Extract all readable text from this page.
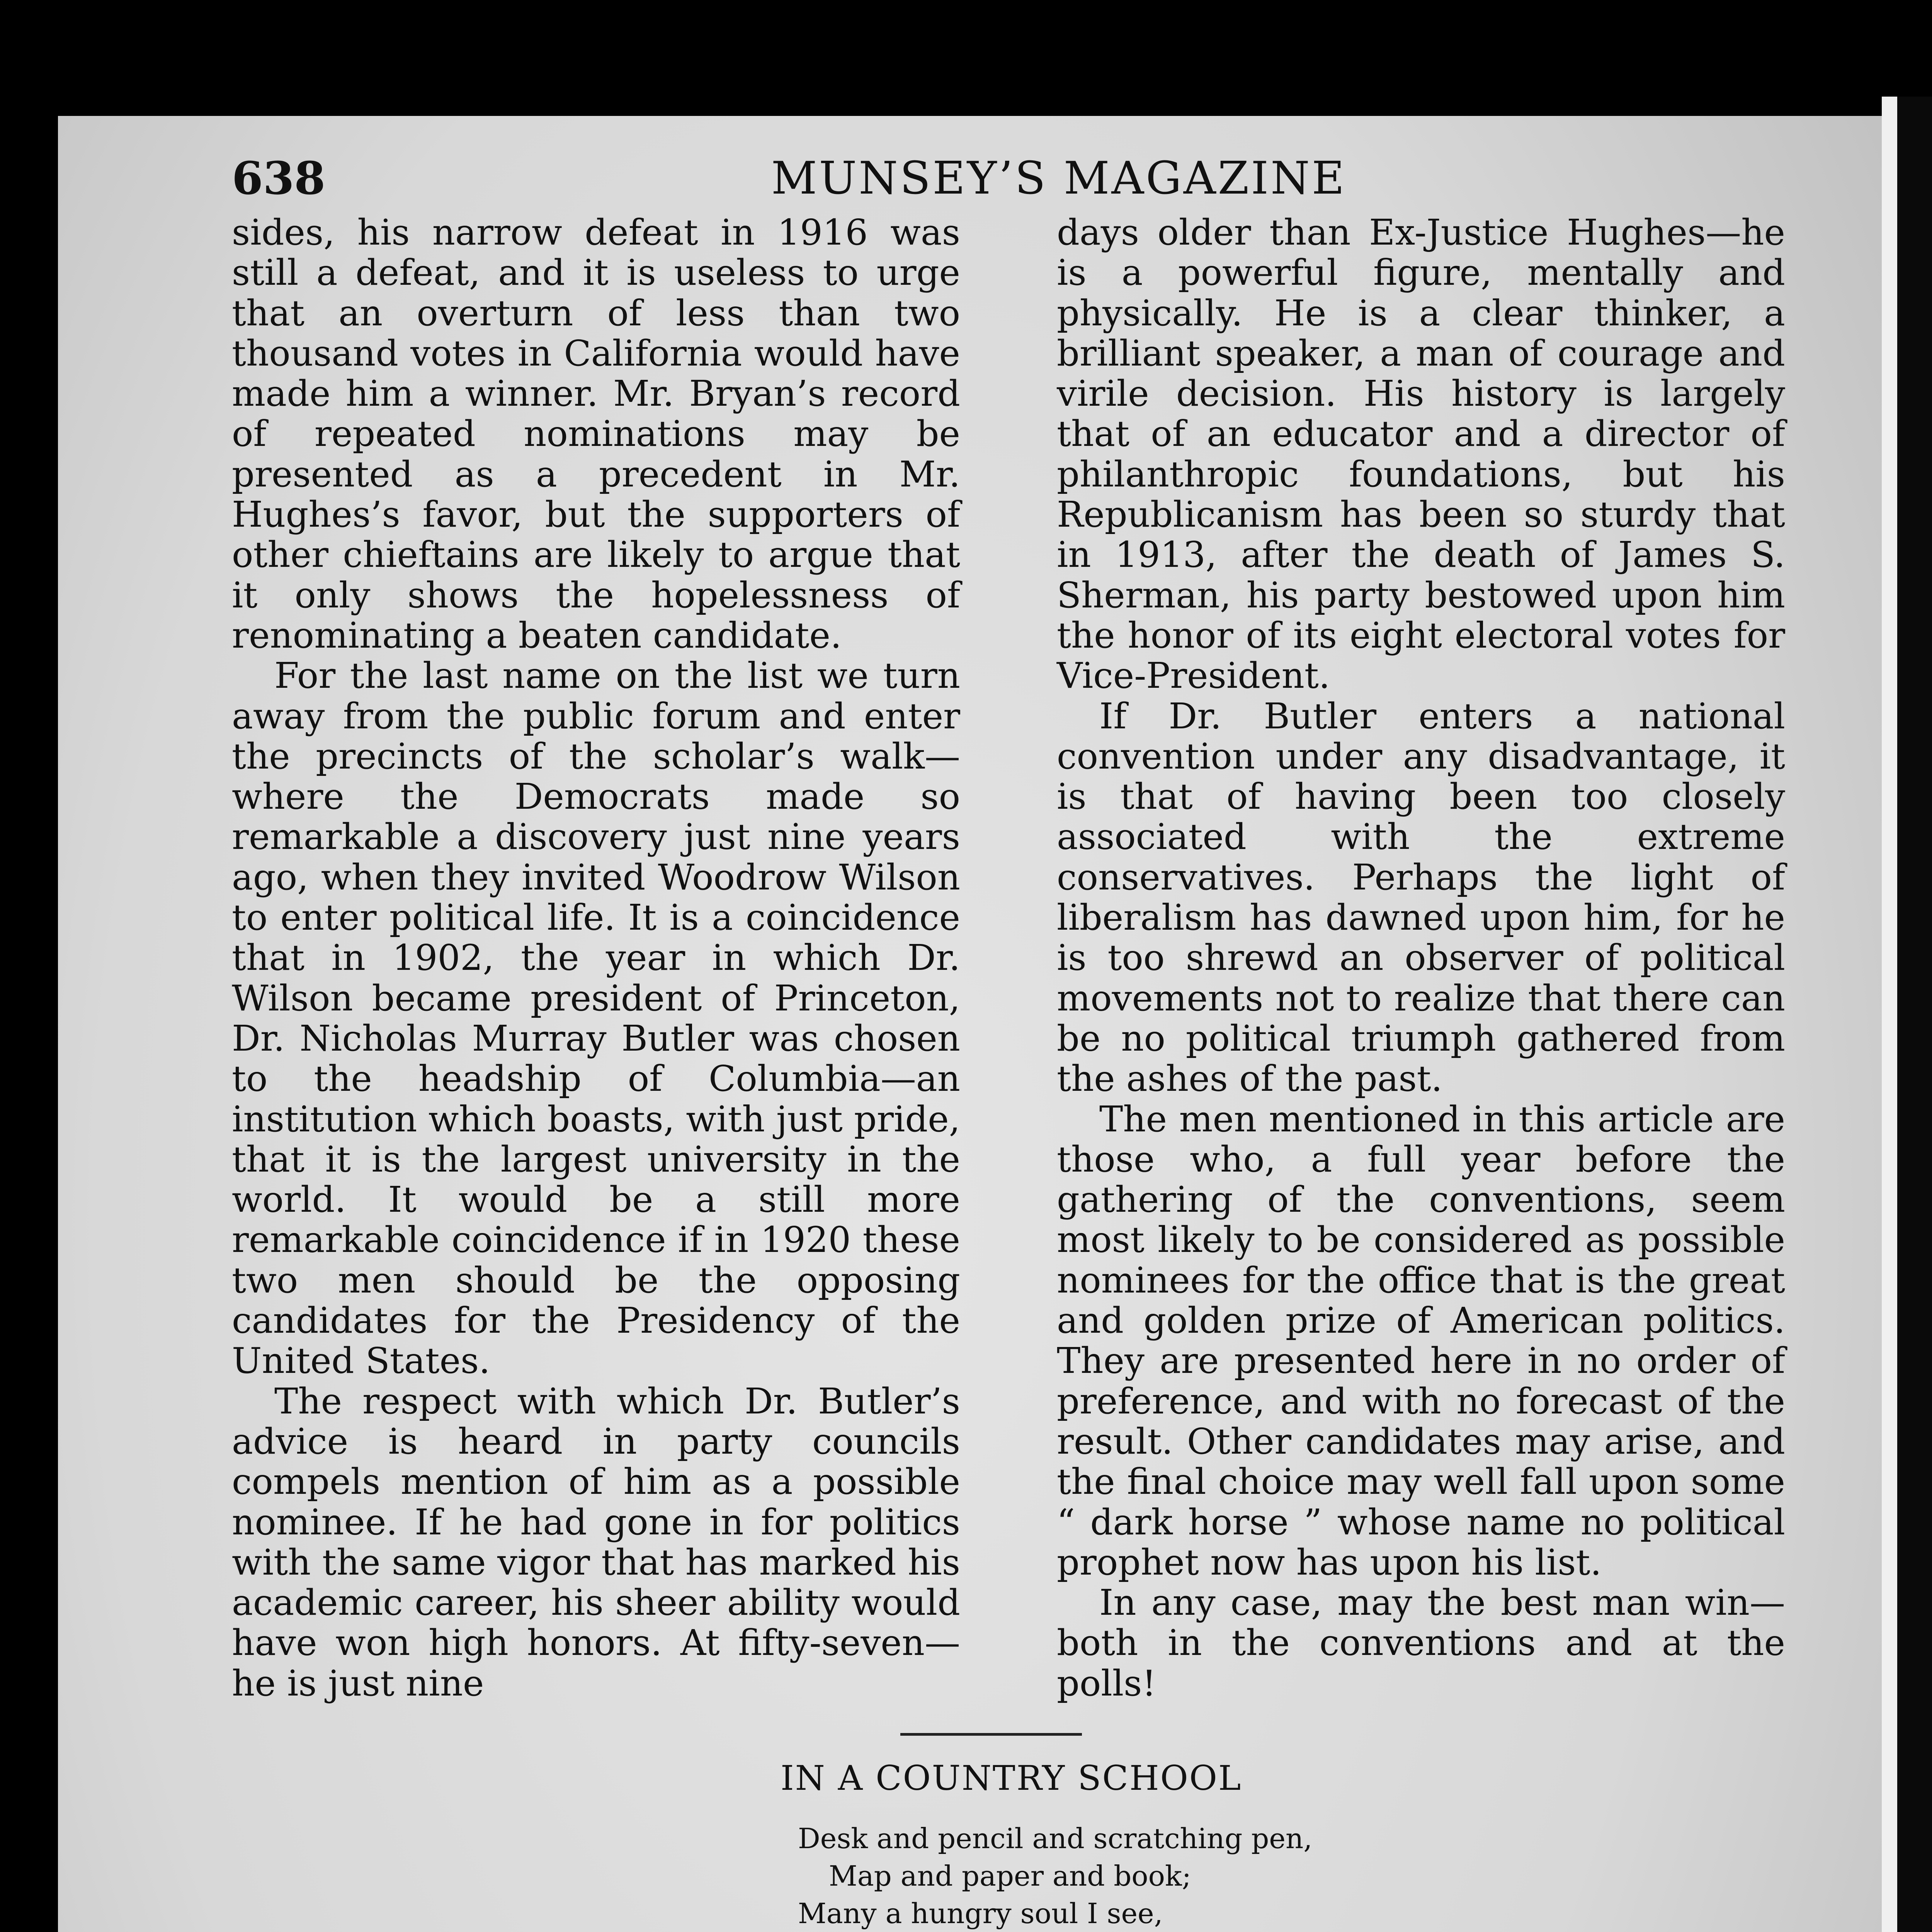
638	MUNSEY’S MAGAZINE

sides, his narrow defeat in 1916 was still a defeat, and it is useless to urge that an overturn of less than two thousand votes in California would have made him a winner. Mr. Bryan’s record of repeated nominations may be presented as a precedent in Mr. Hughes’s favor, but the supporters of other chieftains are likely to argue that it only shows the hopelessness of renominating a beaten candidate.

For the last name on the list we turn away from the public forum and enter the precincts of the scholar’s walk—where the Democrats made so remarkable a discovery just nine years ago, when they invited Woodrow Wilson to enter political life. It is a coincidence that in 1902, the year in which Dr. Wilson became president of Princeton, Dr. Nicholas Murray Butler was chosen to the headship of Columbia—an institution which boasts, with just pride, that it is the largest university in the world. It would be a still more remarkable coincidence if in 1920 these two men should be the opposing candidates for the Presidency of the United States.

The respect with which Dr. Butler’s advice is heard in party councils compels mention of him as a possible nominee. If he had gone in for politics with the same vigor that has marked his academic career, his sheer ability would have won high honors. At fifty-seven—he is just nine

days older than Ex-Justice Hughes—he is a powerful figure, mentally and physically. He is a clear thinker, a brilliant speaker, a man of courage and virile decision. His history is largely that of an educator and a director of philanthropic foundations, but his Republicanism has been so sturdy that in 1913, after the death of James S. Sherman, his party bestowed upon him the honor of its eight electoral votes for Vice-President.

If Dr. Butler enters a national convention under any disadvantage, it is that of having been too closely associated with the extreme conservatives. Perhaps the light of liberalism has dawned upon him, for he is too shrewd an observer of political movements not to realize that there can be no political triumph gathered from the ashes of the past.

The men mentioned in this article are those who, a full year before the gathering of the conventions, seem most likely to be considered as possible nominees for the office that is the great and golden prize of American politics. They are presented here in no order of preference, and with no forecast of the result. Other candidates may arise, and the final choice may well fall upon some “ dark horse ” whose name no political prophet now has upon his list.

In any case, may the best man win—both in the conventions and at the polls!

IN A COUNTRY SCHOOL
Desk and pencil and scratching pen,
Map and paper and book;
Many a hungry soul I see,
